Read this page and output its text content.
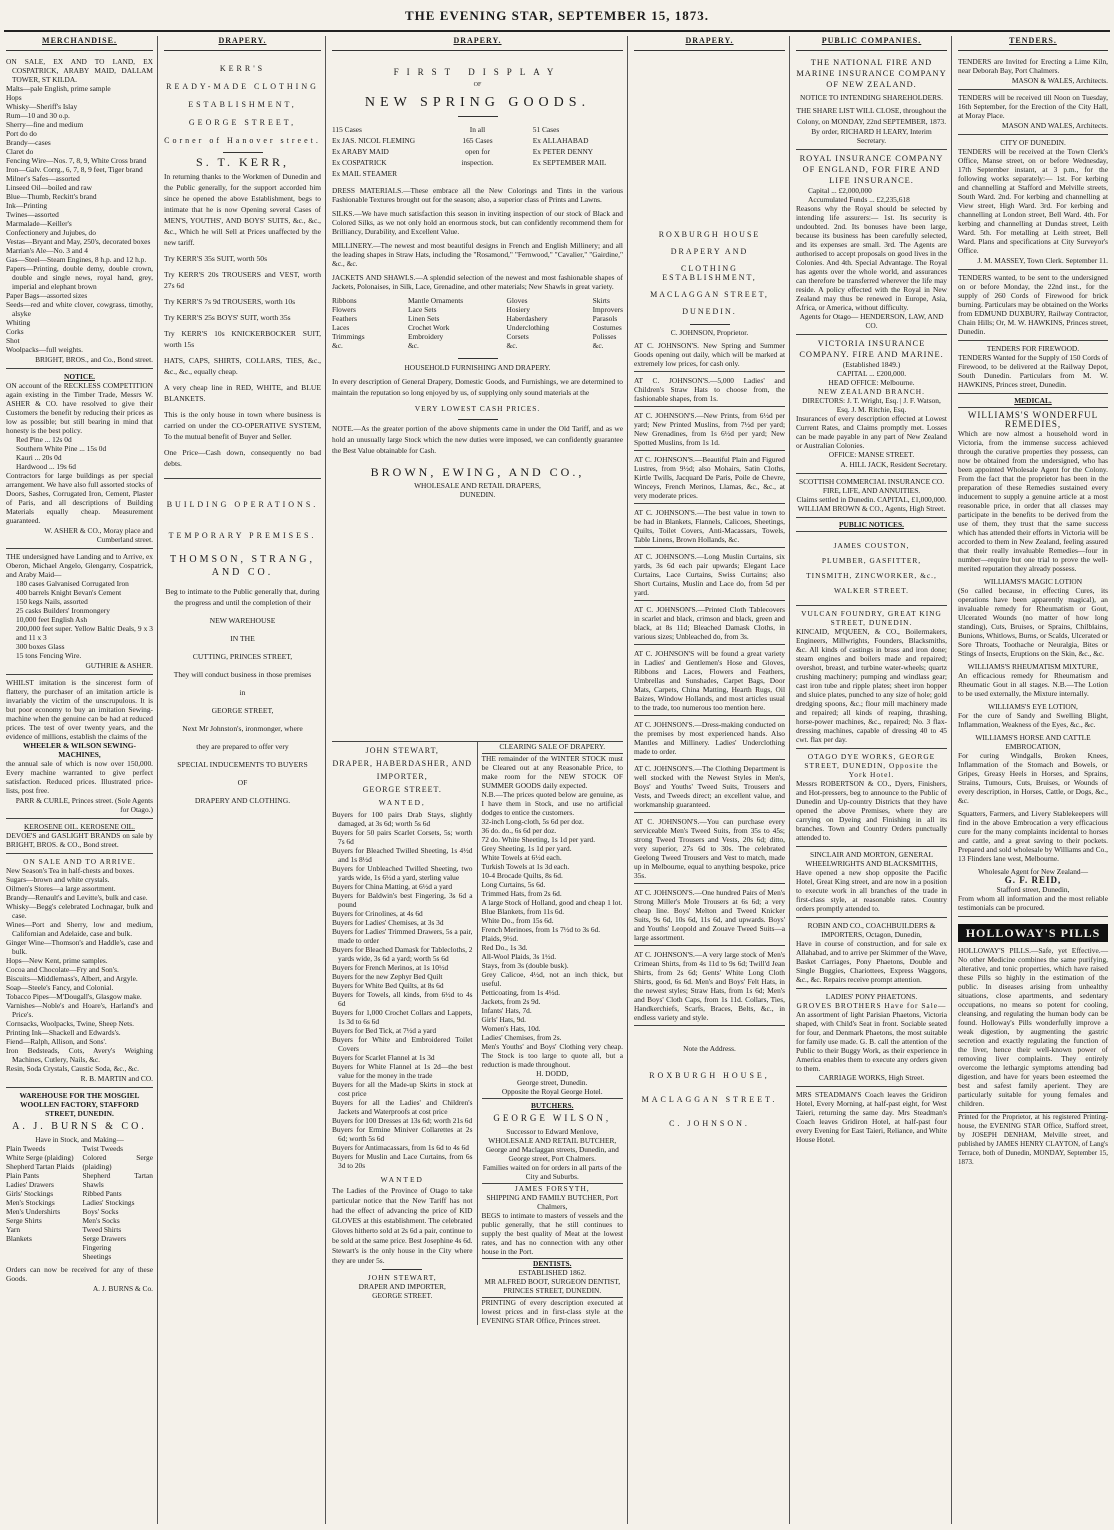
THE EVENING STAR, SEPTEMBER 15, 1873.
MERCHANDISE.

ON SALE, EX AND TO LAND, EX COSPATRICK, ARABY MAID, DALLAM TOWER, ST KILDA.

Malts—pale English, prime sample

Hops

Whisky—Sheriff's Islay

Rum—10 and 30 o.p.

Sherry—fine and medium

Port do do

Brandy—cases

Claret do

Fencing Wire—Nos. 7, 8, 9, White Cross brand

Iron—Galv. Corrg., 6, 7, 8, 9 feet, Tiger brand

Milner's Safes—assorted

Linseed Oil—boiled and raw

Blue—Thumb, Reckitt's brand

Ink—Printing

Twines—assorted

Marmalade—Keiller's

Confectionery and Jujubes, do

Vestas—Bryant and May, 250's, decorated boxes

Marrian's Ale—No. 3 and 4

Gas—Steel—Steam Engines, 8 h.p. and 12 h.p.

Papers—Printing, double demy, double crown, double and single news, royal hand, grey, imperial and elephant brown

Paper Bags—assorted sizes

Seeds—red and white clover, cowgrass, timothy, alsyke

Whiting

Corks

Shot

Woolpacks—full weights.

BRIGHT, BROS., and Co., Bond street.

NOTICE.

ON account of the RECKLESS COMPETITION again existing in the Timber Trade, Messrs W. ASHER & CO. have resolved to give their Customers the benefit by reducing their prices as low as possible; but still bearing in mind that honesty is the best policy.

Red Pine ... 12s 0d

Southern White Pine ... 15s 0d

Kauri ... 20s 0d

Hardwood ... 19s 6d

Contractors for large buildings as per special arrangement. We have also full assorted stocks of Doors, Sashes, Corrugated Iron, Cement, Plaster of Paris, and all descriptions of Building Materials equally cheap. Measurement guaranteed.

W. ASHER & CO., Moray place and Cumberland street.

THE undersigned have Landing and to Arrive, ex Oberon, Michael Angelo, Glengarry, Cospatrick, and Araby Maid—

180 cases Galvanised Corrugated Iron

400 barrels Knight Bevan's Cement

150 kegs Nails, assorted

25 casks Builders' Ironmongery

10,000 feet English Ash

200,000 feet super. Yellow Baltic Deals, 9 x 3 and 11 x 3

300 boxes Glass

15 tons Fencing Wire.

GUTHRIE & ASHER.

WHILST imitation is the sincerest form of flattery, the purchaser of an imitation article is invariably the victim of the unscrupulous. It is but poor economy to buy an imitation Sewing-machine when the genuine can be had at reduced prices. The test of over twenty years, and the evidence of millions, establish the claims of the

WHEELER & WILSON SEWING-MACHINES,

the annual sale of which is now over 150,000. Every machine warranted to give perfect satisfaction. Reduced prices. Illustrated price-lists, post free.

PARR & CURLE, Princes street. (Sole Agents for Otago.)

KEROSENE OIL. KEROSENE OIL.

DEVOE'S and GASLIGHT BRANDS on sale by BRIGHT, BROS. & CO., Bond street.

ON SALE AND TO ARRIVE.

New Season's Tea in half-chests and boxes.

Sugars—brown and white crystals.

Oilmen's Stores—a large assortment.

Brandy—Renault's and Levitte's, bulk and case.

Whisky—Begg's celebrated Lochnagar, bulk and case.

Wines—Port and Sherry, low and medium, Californian and Adelaide, case and bulk.

Ginger Wine—Thomson's and Haddle's, case and bulk.

Hops—New Kent, prime samples.

Cocoa and Chocolate—Fry and Son's.

Biscuits—Middlemass's, Albert, and Argyle.

Soap—Steele's Fancy, and Colonial.

Tobacco Pipes—M'Dougall's, Glasgow make.

Varnishes—Noble's and Hoare's, Harland's and Price's.

Cornsacks, Woolpacks, Twine, Sheep Nets.

Printing Ink—Shackell and Edwards's.

Fiend—Ralph, Allison, and Sons'.

Iron Bedsteads, Cots, Avery's Weighing Machines, Cutlery, Nails, &c.

Resin, Soda Crystals, Caustic Soda, &c., &c.

R. B. MARTIN and CO.

WAREHOUSE FOR THE MOSGIEL WOOLLEN FACTORY, STAFFORD STREET, DUNEDIN.

A. J. BURNS & CO.

Have in Stock, and Making—

Plain Tweeds

White Serge (plaiding)

Shepherd Tartan Plaids

Plain Pants

Ladies' Drawers

Girls' Stockings

Men's Stockings

Men's Undershirts

Serge Shirts

Yarn

Blankets

Twist Tweeds

Colored Serge (plaiding)

Shepherd Tartan Shawls

Ribbed Pants

Ladies' Stockings

Boys' Socks

Men's Socks

Tweed Shirts

Serge Drawers

Fingering

Sheetings

Orders can now be received for any of these Goods.

A. J. BURNS & Co.

DRAPERY.

KERR'S

READY-MADE CLOTHING

ESTABLISHMENT,

GEORGE STREET,

Corner of Hanover street.

S. T. KERR,

In returning thanks to the Workmen of Dunedin and the Public generally, for the support accorded him since he opened the above Establishment, begs to intimate that he is now Opening several Cases of MEN'S, YOUTHS', AND BOYS' SUITS, &c., &c., &c., Which he will Sell at Prices unaffected by the new tariff.

Try KERR'S 35s SUIT, worth 50s

Try KERR'S 20s TROUSERS and VEST, worth 27s 6d

Try KERR'S 7s 9d TROUSERS, worth 10s

Try KERR'S 25s BOYS' SUIT, worth 35s

Try KERR'S 10s KNICKERBOCKER SUIT, worth 15s

HATS, CAPS, SHIRTS, COLLARS, TIES, &c., &c., &c., equally cheap.

A very cheap line in RED, WHITE, and BLUE BLANKETS.

This is the only house in town where business is carried on under the CO-OPERATIVE SYSTEM, To the mutual benefit of Buyer and Seller.

One Price—Cash down, consequently no bad debts.

BUILDING OPERATIONS.

TEMPORARY PREMISES.

THOMSON, STRANG, AND CO.

Beg to intimate to the Public generally that, during the progress and until the completion of their

NEW WAREHOUSE

IN THE

CUTTING, PRINCES STREET,

They will conduct business in those premises

in

GEORGE STREET,

Next Mr Johnston's, ironmonger, where

they are prepared to offer very

SPECIAL INDUCEMENTS TO BUYERS

OF

DRAPERY AND CLOTHING.

DRAPERY.

FIRST DISPLAY

OF

NEW SPRING GOODS.

115 Cases

Ex JAS. NICOL FLEMING

Ex ARABY MAID

Ex COSPATRICK

Ex MAIL STEAMER

In all

165 Cases

open for

inspection.

51 Cases

Ex ALLAHABAD

Ex PETER DENNY

Ex SEPTEMBER MAIL

DRESS MATERIALS.—These embrace all the New Colorings and Tints in the various Fashionable Textures brought out for the season; also, a superior class of Prints and Lawns.

SILKS.—We have much satisfaction this season in inviting inspection of our stock of Black and Colored Silks, as we not only hold an enormous stock, but can confidently recommend them for Brilliancy, Durability, and Excellent Value.

MILLINERY.—The newest and most beautiful designs in French and English Millinery; and all the leading shapes in Straw Hats, including the "Rosamond," "Fernwood," "Cavalier," "Gairdine," &c., &c.

JACKETS AND SHAWLS.—A splendid selection of the newest and most fashionable shapes of Jackets, Polonaises, in Silk, Lace, Grenadine, and other materials; New Shawls in great variety.

Ribbons

Flowers

Feathers

Laces

Trimmings

&c.

Mantle Ornaments

Lace Sets

Linen Sets

Crochet Work

Embroidery

&c.

Gloves

Hosiery

Haberdashery

Underclothing

Corsets

&c.

Skirts

Improvers

Parasols

Costumes

Polisses

&c.

HOUSEHOLD FURNISHING AND DRAPERY.

In every description of General Drapery, Domestic Goods, and Furnishings, we are determined to maintain the reputation so long enjoyed by us, of supplying only sound materials at the

VERY LOWEST CASH PRICES.

NOTE.—As the greater portion of the above shipments came in under the Old Tariff, and as we hold an unusually large Stock which the new duties were imposed, we can confidently guarantee the Best Value obtainable for Cash.

BROWN, EWING, AND CO.,

WHOLESALE AND RETAIL DRAPERS,

DUNEDIN.

JOHN STEWART,

DRAPER, HABERDASHER, AND

IMPORTER,

GEORGE STREET.

WANTED,

Buyers for 100 pairs Drab Stays, slightly damaged, at 3s 6d; worth 5s 6d

Buyers for 50 pairs Scarlet Corsets, 5s; worth 7s 6d

Buyers for Bleached Twilled Sheeting, 1s 4½d and 1s 8½d

Buyers for Unbleached Twilled Sheeting, two yards wide, 1s 6½d a yard, sterling value

Buyers for China Matting, at 6½d a yard

Buyers for Baldwin's best Fingering, 3s 6d a pound

Buyers for Crinolines, at 4s 6d

Buyers for Ladies' Chemises, at 3s 3d

Buyers for Ladies' Trimmed Drawers, 5s a pair, made to order

Buyers for Bleached Damask for Tablecloths, 2 yards wide, 3s 6d a yard; worth 5s 6d

Buyers for French Merinos, at 1s 10½d

Buyers for the new Zephyr Bed Quilt

Buyers for White Bed Quilts, at 8s 6d

Buyers for Towels, all kinds, from 6½d to 4s 6d

Buyers for 1,000 Crochet Collars and Lappets, 1s 3d to 6s 6d

Buyers for Bed Tick, at 7½d a yard

Buyers for White and Embroidered Toilet Covers

Buyers for Scarlet Flannel at 1s 3d

Buyers for White Flannel at 1s 2d—the best value for the money in the trade

Buyers for all the Made-up Skirts in stock at cost price

Buyers for all the Ladies' and Children's Jackets and Waterproofs at cost price

Buyers for 100 Dresses at 13s 6d; worth 21s 6d

Buyers for Ermine Miniver Collarettes at 2s 6d; worth 5s 6d

Buyers for Antimacassars, from 1s 6d to 4s 6d

Buyers for Muslin and Lace Curtains, from 6s 3d to 20s

WANTED

The Ladies of the Province of Otago to take particular notice that the New Tariff has not had the effect of advancing the price of KID GLOVES at this establishment. The celebrated Gloves hitherto sold at 2s 6d a pair, continue to be sold at the same price. Best Josephine 4s 6d. Stewart's is the only house in the City where they are under 5s.

JOHN STEWART,

DRAPER AND IMPORTER,

GEORGE STREET.

CLEARING SALE OF DRAPERY.

THE remainder of the WINTER STOCK must be Cleared out at any Reasonable Price, to make room for the NEW STOCK OF SUMMER GOODS daily expected.

N.B.—The prices quoted below are genuine, as I have them in Stock, and use no artificial dodges to entice the customers.

32-inch Long-cloth, 5s 6d per doz.

36 do. do., 6s 6d per doz.

72 do. White Sheeting, 1s 1d per yard.

Grey Sheeting, 1s 1d per yard.

White Towels at 6½d each.

Turkish Towels at 1s 3d each.

10-4 Brocade Quilts, 8s 6d.

Long Curtains, 5s 6d.

Trimmed Hats, from 2s 6d.

A large Stock of Holland, good and cheap 1 lot.

Blue Blankets, from 11s 6d.

White Do., from 15s 6d.

French Merinoes, from 1s 7½d to 3s 6d.

Plaids, 9½d.

Red Do., 1s 3d.

All-Wool Plaids, 3s 1½d.

Stays, from 3s (double busk).

Grey Calicoe, 4½d, not an inch thick, but useful.

Petticoating, from 1s 4½d.

Jackets, from 2s 9d.

Infants' Hats, 7d.

Girls' Hats, 9d.

Women's Hats, 10d.

Ladies' Chemises, from 2s.

Men's Youths' and Boys' Clothing very cheap. The Stock is too large to quote all, but a reduction is made throughout.

H. DODD,

George street, Dunedin.

Opposite the Royal George Hotel.

BUTCHERS.

GEORGE WILSON,

Successor to Edward Menlove,

WHOLESALE AND RETAIL BUTCHER, George and Maclaggan streets, Dunedin, and George street, Port Chalmers.

Families waited on for orders in all parts of the City and Suburbs.

JAMES FORSYTH,

SHIPPING AND FAMILY BUTCHER, Port Chalmers,

BEGS to intimate to masters of vessels and the public generally, that he still continues to supply the best quality of Meat at the lowest rates, and has no connection with any other house in the Port.

DENTISTS.

ESTABLISHED 1862.

MR ALFRED BOOT, SURGEON DENTIST, PRINCES STREET, DUNEDIN.

PRINTING of every description executed at lowest prices and in first-class style at the EVENING STAR Office, Princes street.

DRAPERY.

ROXBURGH HOUSE

DRAPERY AND

CLOTHING ESTABLISHMENT,

MACLAGGAN STREET,

DUNEDIN.

C. JOHNSON, Proprietor.

AT C. JOHNSON'S. New Spring and Summer Goods opening out daily, which will be marked at extremely low prices, for cash only.

AT C. JOHNSON'S.—5,000 Ladies' and Children's Straw Hats to choose from, the fashionable shapes, from 1s.

AT C. JOHNSON'S.—New Prints, from 6½d per yard; New Printed Muslins, from 7½d per yard; New Grenadines, from 1s 6½d per yard; New Spotted Muslins, from 1s 1d.

AT C. JOHNSON'S.—Beautiful Plain and Figured Lustres, from 9½d; also Mohairs, Satin Cloths, Kirtle Twills, Jacquard De Paris, Poile de Chevre, Winceys, French Merinos, Llamas, &c., &c., at very moderate prices.

AT C. JOHNSON'S.—The best value in town to be had in Blankets, Flannels, Calicoes, Sheetings, Quilts, Toilet Covers, Anti-Macassars, Towels, Table Linens, Brown Hollands, &c.

AT C. JOHNSON'S.—Long Muslin Curtains, six yards, 3s 6d each pair upwards; Elegant Lace Curtains, Lace Curtains, Swiss Curtains; also Short Curtains, Muslin and Lace do, from 5d per yard.

AT C. JOHNSON'S.—Printed Cloth Tablecovers in scarlet and black, crimson and black, green and black, at 8s 11d; Bleached Damask Cloths, in various sizes; Unbleached do, from 3s.

AT C. JOHNSON'S will be found a great variety in Ladies' and Gentlemen's Hose and Gloves, Ribbons and Laces, Flowers and Feathers, Umbrellas and Sunshades, Carpet Bags, Door Mats, Carpets, China Matting, Hearth Rugs, Oil Baizes, Window Hollands, and most articles usual to the trade, too numerous too mention here.

AT C. JOHNSON'S.—Dress-making conducted on the premises by most experienced hands. Also Mantles and Millinery. Ladies' Underclothing made to order.

AT C. JOHNSON'S.—The Clothing Department is well stocked with the Newest Styles in Men's, Boys' and Youths' Tweed Suits, Trousers and Vests, and Tweeds direct; an excellent value, and workmanship guaranteed.

AT C. JOHNSON'S.—You can purchase every serviceable Men's Tweed Suits, from 35s to 45s; strong Tweed Trousers and Vests, 20s 6d; ditto, very superior, 27s 6d to 30s. The celebrated Geelong Tweed Trousers and Vest to match, made up in Melbourne, equal to anything bespoke, price 35s.

AT C. JOHNSON'S.—One hundred Pairs of Men's Strong Miller's Mole Trousers at 6s 6d; a very cheap line. Boys' Melton and Tweed Knicker Suits, 9s 6d, 10s 6d, 11s 6d, and upwards. Boys' and Youths' Leopold and Zouave Tweed Suits—a large assortment.

AT C. JOHNSON'S.—A very large stock of Men's Crimean Shirts, from 4s 11d to 9s 6d; Twill'd Jean Shirts, from 2s 6d; Gents' White Long Cloth Shirts, good, 6s 6d. Men's and Boys' Felt Hats, in the newest styles; Straw Hats, from 1s 6d; Men's and Boys' Cloth Caps, from 1s 11d. Collars, Ties, Handkerchiefs, Scarfs, Braces, Belts, &c., in endless variety and style.

Note the Address.

ROXBURGH HOUSE,

MACLAGGAN STREET.

C. JOHNSON.

PUBLIC COMPANIES.

THE NATIONAL FIRE AND MARINE INSURANCE COMPANY OF NEW ZEALAND.

NOTICE TO INTENDING SHAREHOLDERS.

THE SHARE LIST WILL CLOSE, throughout the Colony, on MONDAY, 22nd SEPTEMBER, 1873.

By order, RICHARD H LEARY, Interim Secretary.

ROYAL INSURANCE COMPANY OF ENGLAND, FOR FIRE AND LIFE INSURANCE.

Capital ... £2,000,000

Accumulated Funds ... £2,235,618

Reasons why the Royal should be selected by intending life assurers:— 1st. Its security is undoubted. 2nd. Its bonuses have been large, because its business has been carefully selected, and its expenses are small. 3rd. The Agents are authorised to accept proposals on good lives in the Colonies. And 4th. Special Advantage. The Royal has agents over the whole world, and assurances can therefore be transferred wherever the life may reside. A policy effected with the Royal in New Zealand may thus be renewed in Europe, Asia, Africa, or America, without difficulty.

Agents for Otago— HENDERSON, LAW, AND CO.

VICTORIA INSURANCE COMPANY. FIRE AND MARINE.

(Established 1849.)

CAPITAL ... £200,000.

HEAD OFFICE: Melbourne.

NEW ZEALAND BRANCH.

DIRECTORS: J. T. Wright, Esq. | J. F. Watson, Esq. J. M. Ritchie, Esq.

Insurances of every description effected at Lowest Current Rates, and Claims promptly met. Losses can be made payable in any part of New Zealand or Australian Colonies.

OFFICE: MANSE STREET.

A. HILL JACK, Resident Secretary.

SCOTTISH COMMERCIAL INSURANCE CO. FIRE, LIFE, AND ANNUITIES.

Claims settled in Dunedin. CAPITAL, £1,000,000. WILLIAM BROWN & CO., Agents, High Street.

PUBLIC NOTICES.

JAMES COUSTON,

PLUMBER, GASFITTER,

TINSMITH, ZINCWORKER, &c.,

WALKER STREET.

VULCAN FOUNDRY, GREAT KING STREET, DUNEDIN.

KINCAID, M'QUEEN, & CO., Boilermakers, Engineers, Millwrights, Founders, Blacksmiths, &c. All kinds of castings in brass and iron done; steam engines and boilers made and repaired; overshot, breast, and turbine water-wheels; quartz crushing machinery; pumping and windlass gear; cast iron tube and ripple plates; sheet iron hopper and sluice plates, punched to any size of hole; gold dredging spoons, &c.; flour mill machinery made and repaired; all kinds of reaping, thrashing, horse-power machines, &c., repaired; No. 3 flax-dressing machines, capable of dressing 40 to 45 cwt. flax per day.

OTAGO DYE WORKS, GEORGE STREET, DUNEDIN, Opposite the York Hotel.

Messrs ROBERTSON & CO., Dyers, Finishers, and Hot-pressers, beg to announce to the Public of Dunedin and Up-country Districts that they have opened the above Premises, where they are carrying on Dyeing and Finishing in all its branches. Town and Country Orders punctually attended to.

SINCLAIR AND MORTON, GENERAL WHEELWRIGHTS AND BLACKSMITHS,

Have opened a new shop opposite the Pacific Hotel, Great King street, and are now in a position to execute work in all branches of the trade in first-class style, at reasonable rates. Country orders promptly attended to.

ROBIN AND CO., COACHBUILDERS & IMPORTERS, Octagon, Dunedin,

Have in course of construction, and for sale ex Allahabad, and to arrive per Skimmer of the Wave, Basket Carriages, Pony Phaetons, Double and Single Buggies, Chariottees, Express Waggons, &c., &c. Repairs receive prompt attention.

LADIES' PONY PHAETONS.

GROVES BROTHERS Have for Sale—

An assortment of light Parisian Phaetons, Victoria shaped, with Child's Seat in front. Sociable seated for four, and Denmark Phaetons, the most suitable for family use made. G. B. call the attention of the Public to their Buggy Work, as their experience in America enables them to execute any orders given to them.

CARRIAGE WORKS, High Street.

MRS STEADMAN'S Coach leaves the Gridiron Hotel, Every Morning, at half-past eight, for West Taieri, returning the same day. Mrs Steadman's Coach leaves Gridiron Hotel, at half-past four every Evening for East Taieri, Reliance, and White House Hotel.

TENDERS.

TENDERS are Invited for Erecting a Lime Kiln, near Deborah Bay, Port Chalmers.

MASON & WALES, Architects.

TENDERS will be received till Noon on Tuesday, 16th September, for the Erection of the City Hall, at Moray Place.

MASON AND WALES, Architects.

CITY OF DUNEDIN.

TENDERS will be received at the Town Clerk's Office, Manse street, on or before Wednesday, 17th September instant, at 3 p.m., for the following works separately:— 1st. For kerbing and channelling at Stafford and Melville streets, South Ward. 2nd. For kerbing and channelling at View street, High Ward. 3rd. For kerbing and channelling at London street, Bell Ward. 4th. For kerbing and channelling at Dundas street, Leith Ward. 5th. For metalling at Leith street, Bell Ward. Plans and specifications at City Surveyor's Office.

J. M. MASSEY, Town Clerk. September 11.

TENDERS wanted, to be sent to the undersigned on or before Monday, the 22nd inst., for the supply of 260 Cords of Firewood for brick burning. Particulars may be obtained on the Works from EDMUND DUXBURY, Railway Contractor, Chain Hills; Or, M. W. HAWKINS, Princes street, Dunedin.

TENDERS FOR FIREWOOD.

TENDERS Wanted for the Supply of 150 Cords of Firewood, to be delivered at the Railway Depot, South Dunedin. Particulars from M. W. HAWKINS, Princes street, Dunedin.

MEDICAL.

WILLIAMS'S WONDERFUL REMEDIES,

Which are now almost a household word in Victoria, from the immense success achieved through the curative properties they possess, can now be obtained from the undersigned, who has been appointed Wholesale Agent for the Colony. From the fact that the proprietor has been in the preparation of these Remedies sustained every inducement to supply a genuine article at a most reasonable price, in order that all classes may participate in the benefits to be derived from the use of them, they trust that the same success which has attended their efforts in Victoria will be accorded to them in New Zealand, feeling assured that their really invaluable Remedies—four in number—require but one trial to prove the well-merited reputation they already possess.

WILLIAMS'S MAGIC LOTION

(So called because, in effecting Cures, its operations have been apparently magical), an invaluable remedy for Rheumatism or Gout, Ulcerated Wounds (no matter of how long standing), Cuts, Bruises, or Sprains, Chilblains, Bunions, Whitlows, Burns, or Scalds, Ulcerated or Sore Throats, Toothache or Neuralgia, Bites or Stings of Insects, Eruptions on the Skin, &c., &c.

WILLIAMS'S RHEUMATISM MIXTURE,

An efficacious remedy for Rheumatism and Rheumatic Gout in all stages. N.B.—The Lotion to be used externally, the Mixture internally.

WILLIAMS'S EYE LOTION,

For the cure of Sandy and Swelling Blight, Inflammation, Weakness of the Eyes, &c., &c.

WILLIAMS'S HORSE AND CATTLE EMBROCATION,

For curing Windgalls, Broken Knees, Inflammation of the Stomach and Bowels, or Gripes, Greasy Heels in Horses, and Sprains, Strains, Tumours, Cuts, Bruises, or Wounds of every description, in Horses, Cattle, or Dogs, &c., &c.

Squatters, Farmers, and Livery Stablekeepers will find in the above Embrocation a very efficacious cure for the many complaints incidental to horses and cattle, and a great saving to their pockets. Prepared and sold wholesale by Williams and Co., 13 Flinders lane west, Melbourne.

Wholesale Agent for New Zealand—

G. F. REID,

Stafford street, Dunedin,

From whom all information and the most reliable testimonials can be procured.

HOLLOWAY'S PILLS

HOLLOWAY'S PILLS.—Safe, yet Effective.—No other Medicine combines the same purifying, alterative, and tonic properties, which have raised these Pills so highly in the estimation of the public. In diseases arising from unhealthy situations, close apartments, and sedentary occupations, no means so potent for cooling, cleansing, and regulating the human body can be found. Holloway's Pills wonderfully improve a weak digestion, by augmenting the gastric secretion and exactly regulating the function of the liver, hence their well-known power of removing liver complaints. They entirely overcome the lethargic symptoms attending bad digestion, and have for years been esteemed the best and safest family aperient. They are particularly suitable for young females and children.

Printed for the Proprietor, at his registered Printing-house, the EVENING STAR Office, Stafford street, by JOSEPH DENHAM, Melville street, and published by JAMES HENRY CLAYTON, of Lang's Terrace, both of Dunedin, MONDAY, September 15, 1873.
